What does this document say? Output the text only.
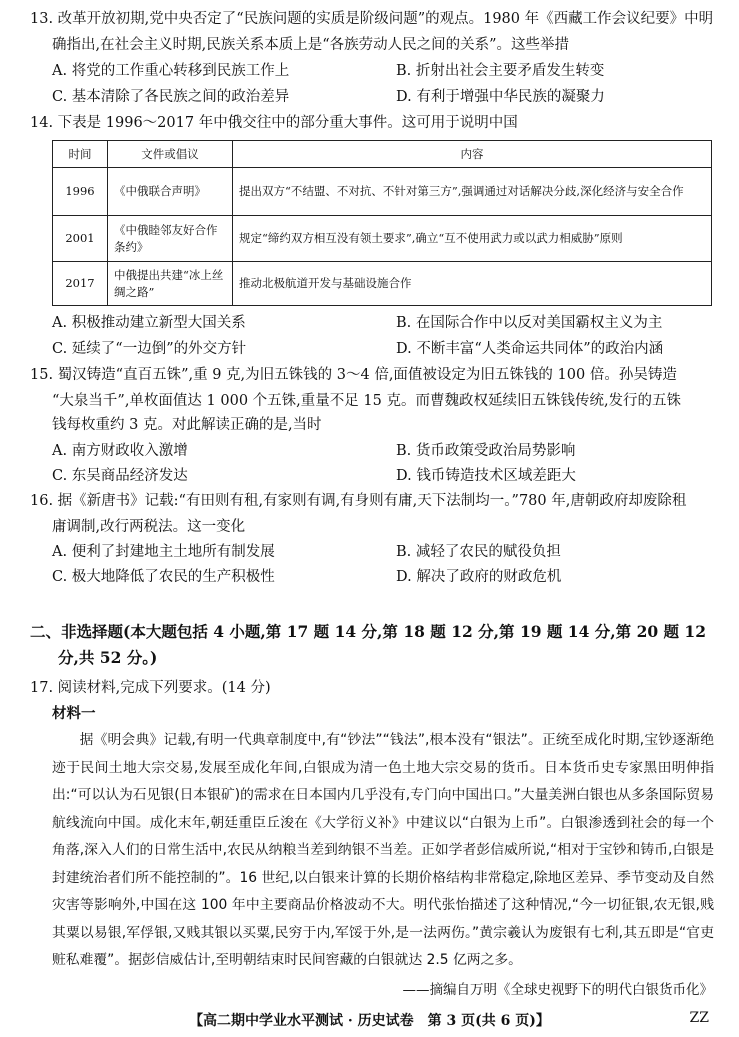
13. 改革开放初期,党中央否定了“民族问题的实质是阶级问题”的观点。1980 年《西藏工作会议纪要》中明
确指出,在社会主义时期,民族关系本质上是“各族劳动人民之间的关系”。这些举措
A. 将党的工作重心转移到民族工作上	B. 折射出社会主要矛盾发生转变
C. 基本清除了各民族之间的政治差异	D. 有利于增强中华民族的凝聚力
14. 下表是 1996～2017 年中俄交往中的部分重大事件。这可用于说明中国
时间	文件或倡议	内容
1996	《中俄联合声明》	提出双方“不结盟、不对抗、不针对第三方”,强调通过对话解决分歧,深化经济与安全合作
2001	《中俄睦邻友好合作条约》	规定“缔约双方相互没有领土要求”,确立“互不使用武力或以武力相威胁”原则
2017	中俄提出共建“冰上丝绸之路”	推动北极航道开发与基础设施合作
A. 积极推动建立新型大国关系	B. 在国际合作中以反对美国霸权主义为主
C. 延续了“一边倒”的外交方针	D. 不断丰富“人类命运共同体”的政治内涵
15. 蜀汉铸造“直百五铢”,重 9 克,为旧五铢钱的 3～4 倍,面值被设定为旧五铢钱的 100 倍。孙吴铸造
“大泉当千”,单枚面值达 1 000 个五铢,重量不足 15 克。而曹魏政权延续旧五铢钱传统,发行的五铢
钱每枚重约 3 克。对此解读正确的是,当时
A. 南方财政收入激增	B. 货币政策受政治局势影响
C. 东吴商品经济发达	D. 钱币铸造技术区域差距大
16. 据《新唐书》记载:“有田则有租,有家则有调,有身则有庸,天下法制均一。”780 年,唐朝政府却废除租
庸调制,改行两税法。这一变化
A. 便利了封建地主土地所有制发展	B. 减轻了农民的赋役负担
C. 极大地降低了农民的生产积极性	D. 解决了政府的财政危机
二、非选择题(本大题包括 4 小题,第 17 题 14 分,第 18 题 12 分,第 19 题 14 分,第 20 题 12
分,共 52 分。)
17. 阅读材料,完成下列要求。(14 分)
材料一
据《明会典》记载,有明一代典章制度中,有“钞法”“钱法”,根本没有“银法”。正统至成化时期,宝钞逐渐绝迹于民间土地大宗交易,发展至成化年间,白银成为清一色土地大宗交易的货币。日本货币史专家黑田明伸指出:“可以认为石见银(日本银矿)的需求在日本国内几乎没有,专门向中国出口。”大量美洲白银也从多条国际贸易航线流向中国。成化末年,朝廷重臣丘浚在《大学衍义补》中建议以“白银为上币”。白银渗透到社会的每一个角落,深入人们的日常生活中,农民从纳粮当差到纳银不当差。正如学者彭信威所说,“相对于宝钞和铸币,白银是封建统治者们所不能控制的”。16 世纪,以白银来计算的长期价格结构非常稳定,除地区差异、季节变动及自然灾害等影响外,中国在这 100 年中主要商品价格波动不大。明代张怡描述了这种情况,“今一切征银,农无银,贱其粟以易银,军俘银,又贱其银以买粟,民穷于内,军馁于外,是一法两伤。”黄宗羲认为废银有七利,其五即是“官吏赃私难覆”。据彭信威估计,至明朝结束时民间窖藏的白银就达 2.5 亿两之多。
——摘编自万明《全球史视野下的明代白银货币化》
【高二期中学业水平测试 · 历史试卷　第 3 页(共 6 页)】	ZZ
